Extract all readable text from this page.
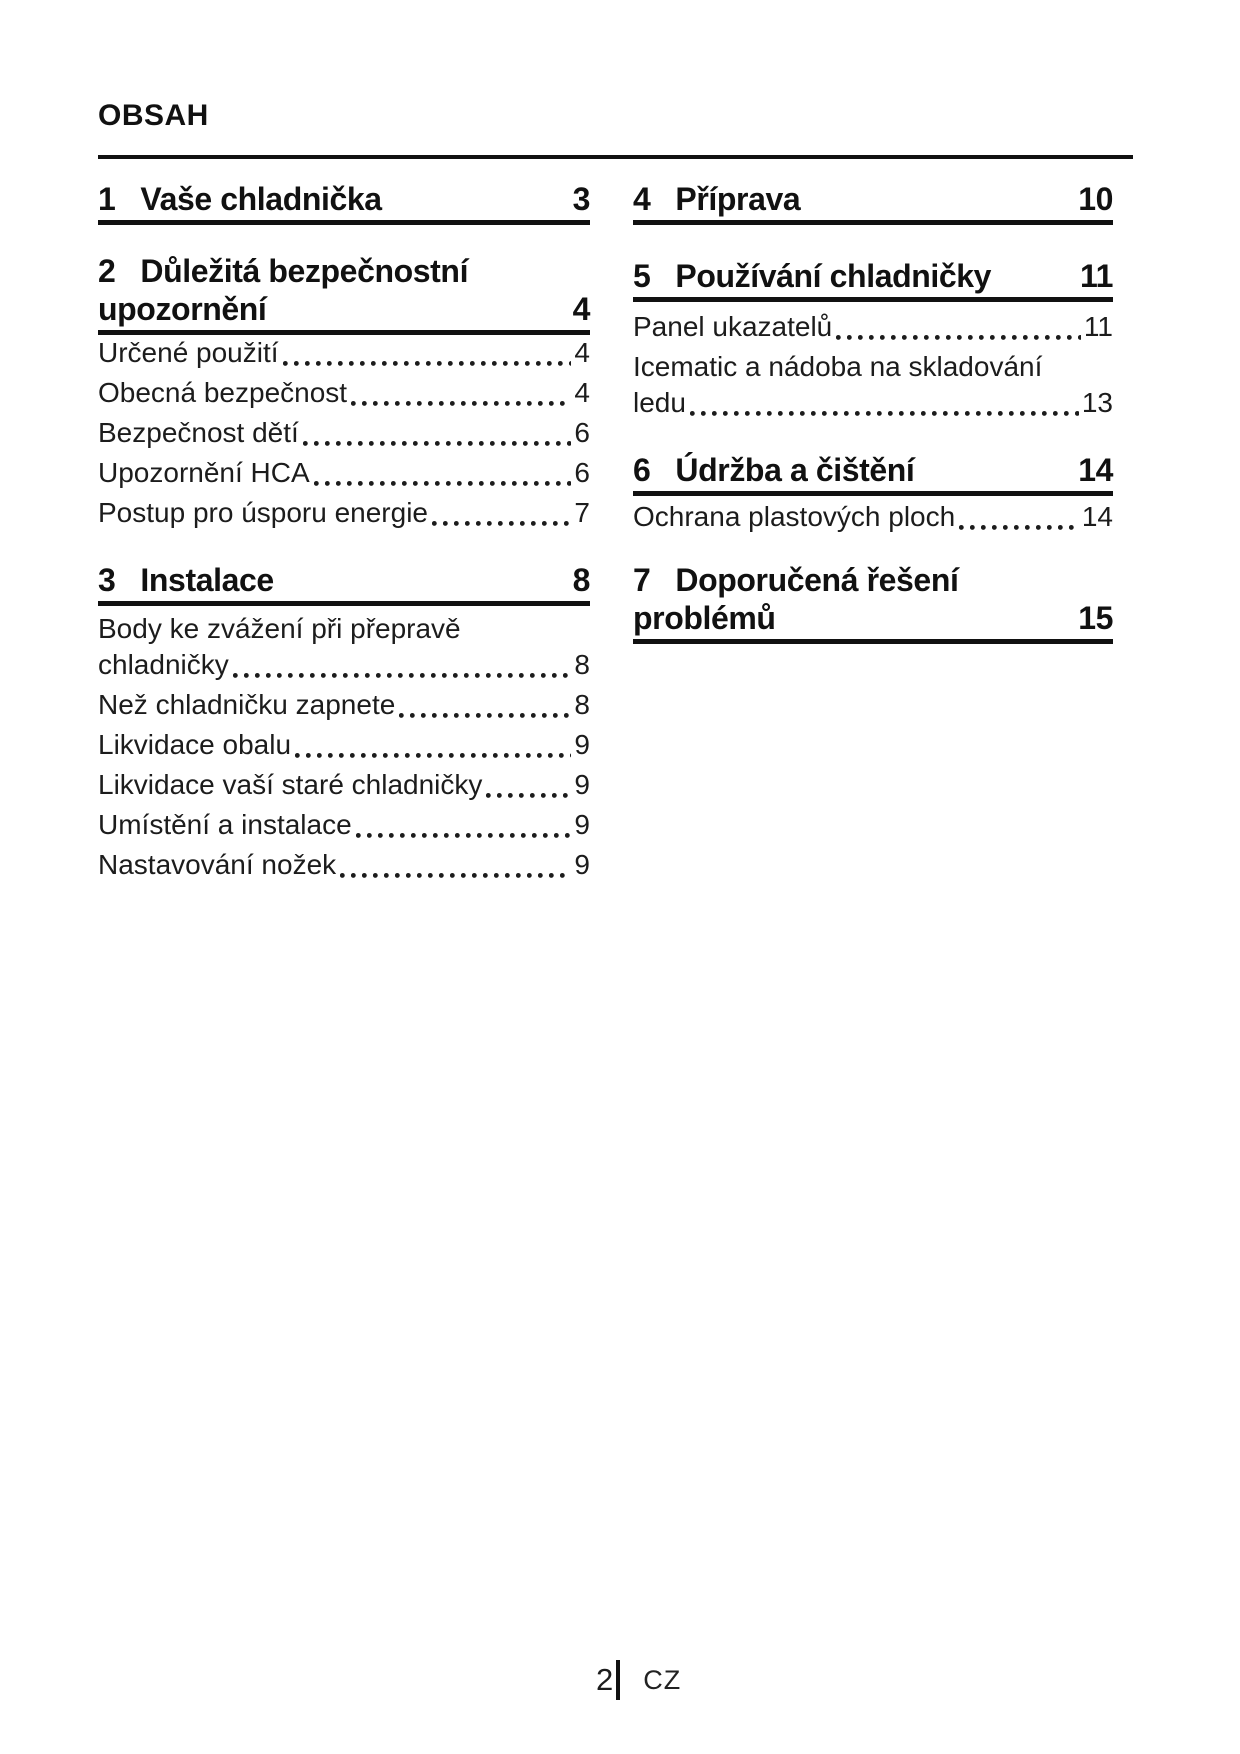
OBSAH
1 Vaše chladnička	3
2 Důležitá bezpečnostní
upozornění	4
Určené použití	4
Obecná bezpečnost	4
Bezpečnost dětí	6
Upozornění HCA	6
Postup pro úsporu energie	7
3 Instalace	8
Body ke zvážení při přepravě
chladničky	8
Než chladničku zapnete	8
Likvidace obalu	9
Likvidace vaší staré chladničky	9
Umístění a instalace	9
Nastavování nožek	9
4 Příprava	10
5 Používání chladničky	11
Panel ukazatelů	11
Icematic a nádoba na skladování
ledu	13
6 Údržba a čištění	14
Ochrana plastových ploch	14
7 Doporučená řešení
problémů	15
2 CZ
